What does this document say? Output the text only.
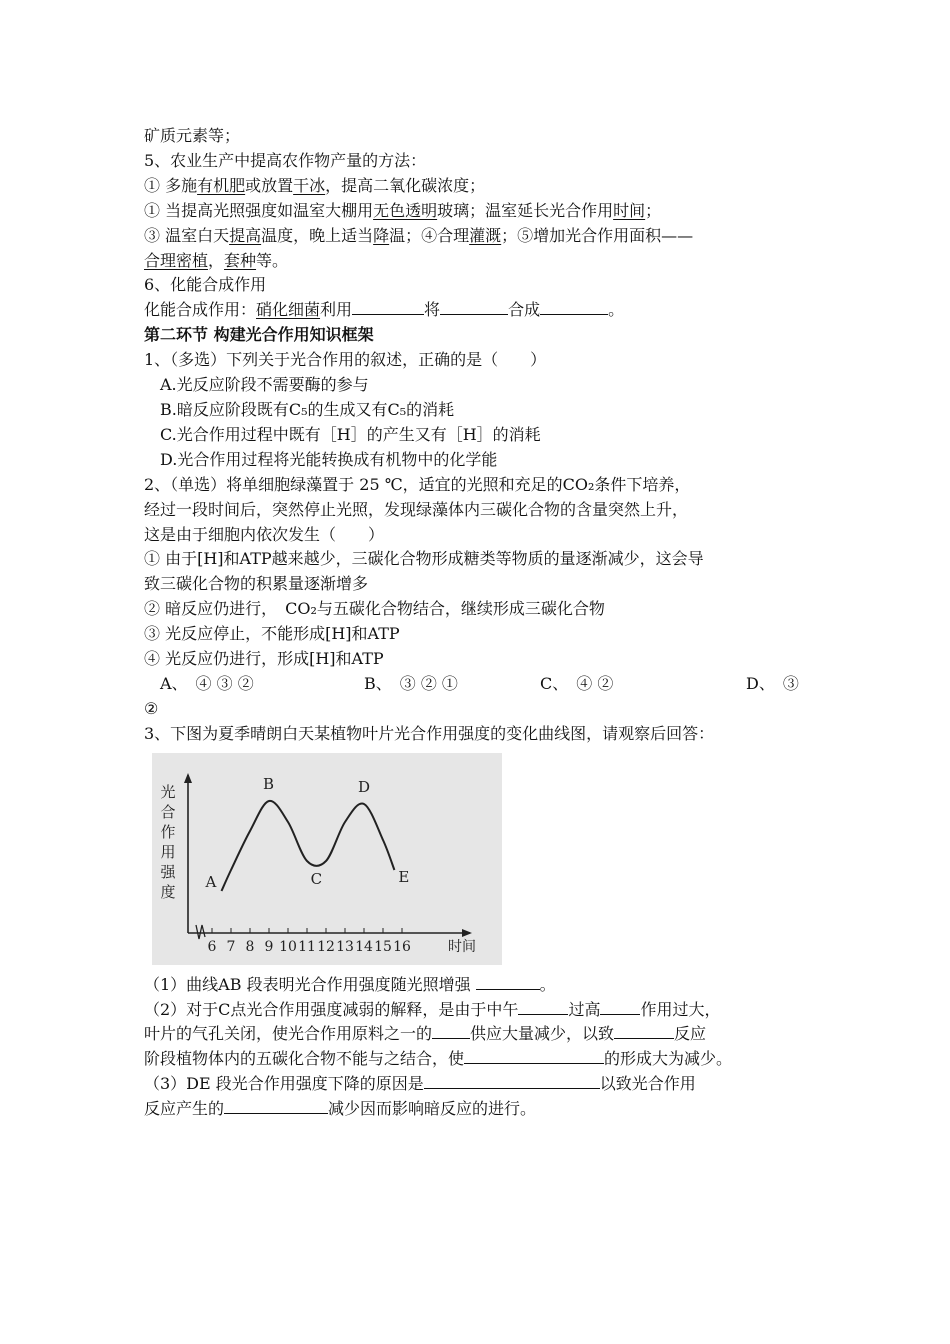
矿质元素等；
5、农业生产中提高农作物产量的方法：
① 多施有机肥或放置干冰，提高二氧化碳浓度；
① 当提高光照强度如温室大棚用无色透明玻璃；温室延长光合作用时间；
③ 温室白天提高温度，晚上适当降温；④合理灌溉；⑤增加光合作用面积——
合理密植，套种等。
6、化能合成作用
化能合成作用：硝化细菌利用	将	合成	。
第二环节 构建光合作用知识框架
1、（多选）下列关于光合作用的叙述，正确的是（　　）
A.光反应阶段不需要酶的参与
B.暗反应阶段既有C₅的生成又有C₅的消耗
C.光合作用过程中既有［H］的产生又有［H］的消耗
D.光合作用过程将光能转换成有机物中的化学能
2、（单选）将单细胞绿藻置于 25 ℃，适宜的光照和充足的CO₂条件下培养，
经过一段时间后，突然停止光照，发现绿藻体内三碳化合物的含量突然上升，
这是由于细胞内依次发生（　　）
① 由于[H]和ATP越来越少，三碳化合物形成糖类等物质的量逐渐减少，这会导
致三碳化合物的积累量逐渐增多
② 暗反应仍进行，　CO₂与五碳化合物结合，继续形成三碳化合物
③ 光反应停止，不能形成[H]和ATP
④ 光反应仍进行，形成[H]和ATP
A、　④ ③ ②	B、　③ ② ①	C、　④ ②	D、　③
②
3、下图为夏季晴朗白天某植物叶片光合作用强度的变化曲线图，请观察后回答：
光
合
作
用
强
度
6 7 8 9 10 11 12 13 14 15 16	时间
A
B
C
D
E
（1）曲线AB 段表明光合作用强度随光照增强	。
（2）对于C点光合作用强度减弱的解释，是由于中午	过高	作用过大，
叶片的气孔关闭，使光合作用原料之一的 供应大量减少，以致	反应
阶段植物体内的五碳化合物不能与之结合，使	的形成大为减少。
（3）DE 段光合作用强度下降的原因是	以致光合作用
反应产生的	减少因而影响暗反应的进行。
